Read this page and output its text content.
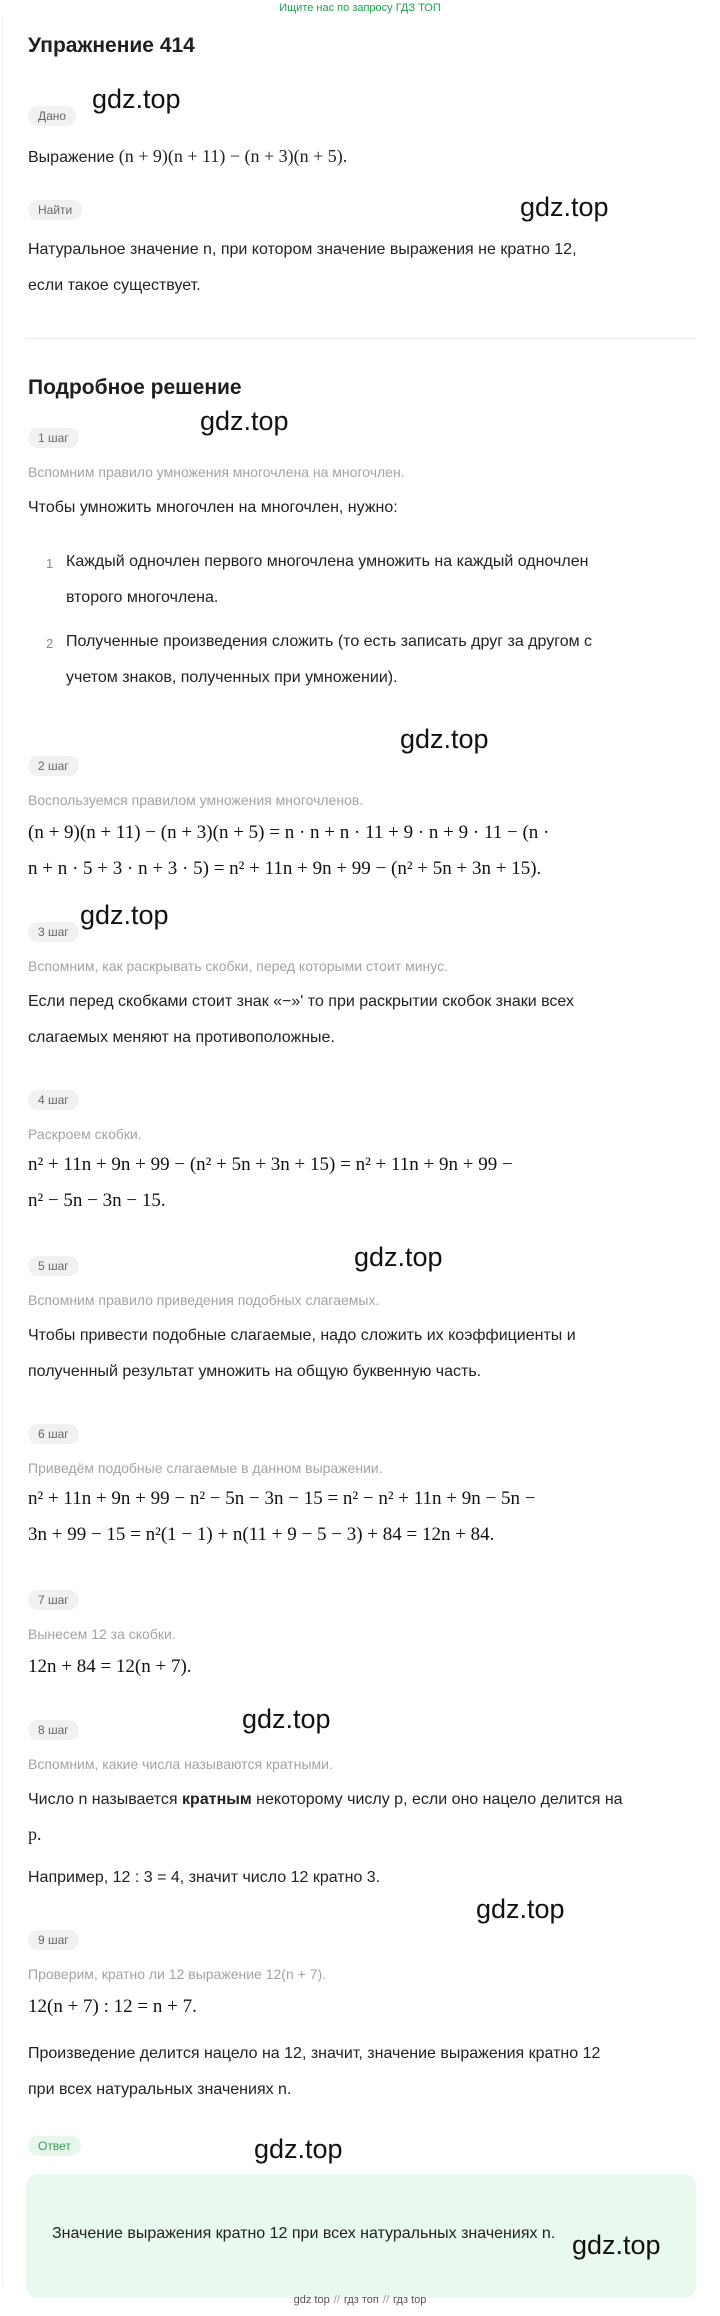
Ищите нас по запросу ГДЗ ТОП
Упражнение 414
Дано
gdz.top
Выражение (n + 9)(n + 11) − (n + 3)(n + 5).
Найти	gdz.top
Натуральное значение n, при котором значение выражения не кратно 12,
если такое существует.
Подробное решение
1 шаг
gdz.top
Вспомним правило умножения многочлена на многочлен.
Чтобы умножить многочлен на многочлен, нужно:
1 Каждый одночлен первого многочлена умножить на каждый одночлен
второго многочлена.
2 Полученные произведения сложить (то есть записать друг за другом с
учетом знаков, полученных при умножении).
gdz.top
2 шаг
Воспользуемся правилом умножения многочленов.
(n + 9)(n + 11) − (n + 3)(n + 5) = n · n + n · 11 + 9 · n + 9 · 11 − (n ·
n + n · 5 + 3 · n + 3 · 5) = n² + 11n + 9n + 99 − (n² + 5n + 3n + 15).
3 шаг
gdz.top
Вспомним, как раскрывать скобки, перед которыми стоит минус.
Если перед скобками стоит знак «−»' то при раскрытии скобок знаки всех
слагаемых меняют на противоположные.
4 шаг
Раскроем скобки.
n² + 11n + 9n + 99 − (n² + 5n + 3n + 15) = n² + 11n + 9n + 99 −
n² − 5n − 3n − 15.
gdz.top
5 шаг
Вспомним правило приведения подобных слагаемых.
Чтобы привести подобные слагаемые, надо сложить их коэффициенты и
полученный результат умножить на общую буквенную часть.
6 шаг
Приведём подобные слагаемые в данном выражении.
n² + 11n + 9n + 99 − n² − 5n − 3n − 15 = n² − n² + 11n + 9n − 5n −
3n + 99 − 15 = n²(1 − 1) + n(11 + 9 − 5 − 3) + 84 = 12n + 84.
7 шаг
Вынесем 12 за скобки.
12n + 84 = 12(n + 7).
gdz.top
8 шаг
Вспомним, какие числа называются кратными.
Число n называется кратным некоторому числу p, если оно нацело делится на
p.
Например, 12 : 3 = 4, значит число 12 кратно 3.
gdz.top
9 шаг
Проверим, кратно ли 12 выражение 12(n + 7).
12(n + 7) : 12 = n + 7.
Произведение делится нацело на 12, значит, значение выражения кратно 12
при всех натуральных значениях n.
Ответ	gdz.top
Значение выражения кратно 12 при всех натуральных значениях n. gdz.top
gdz top // гдз топ // гдз top
